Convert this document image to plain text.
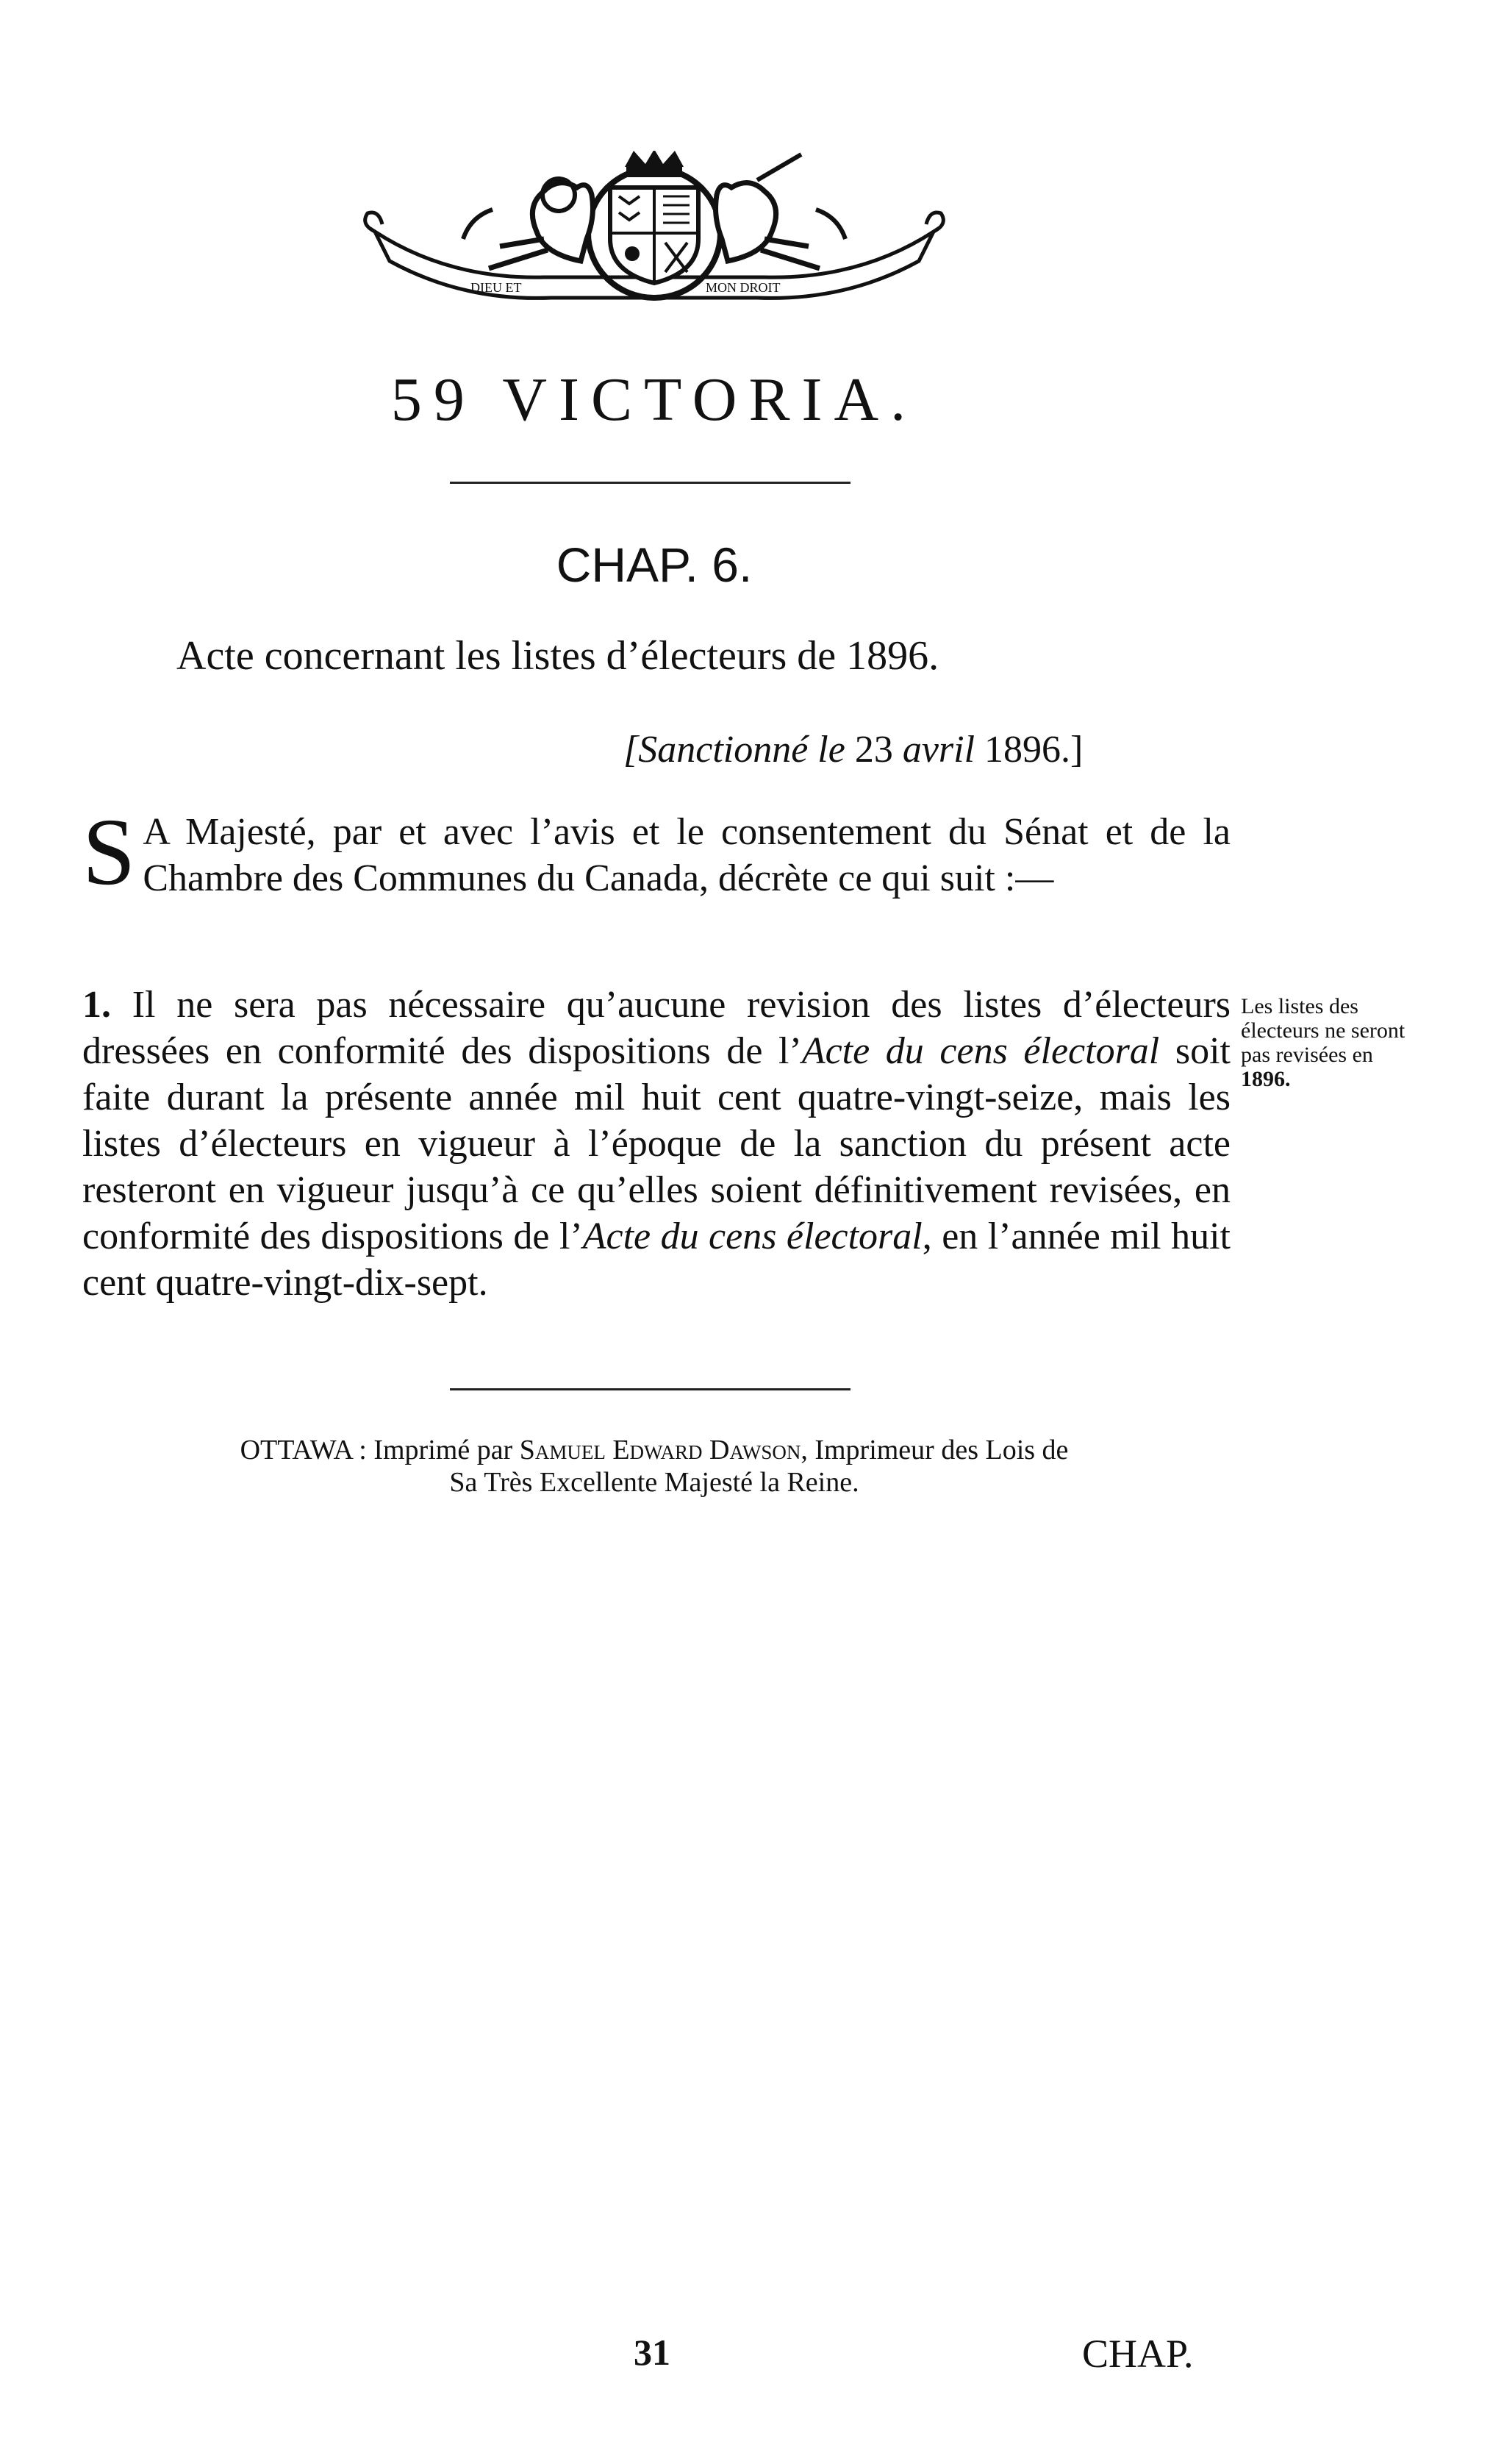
DIEU ET	MON DROIT
59 VICTORIA.
CHAP. 6.
Acte concernant les listes d’électeurs de 1896.
[Sanctionné le 23 avril 1896.]
S A Majesté, par et avec l’avis et le consentement du Sénat et de la Chambre des Communes du Canada, décrète ce qui suit :—
1. Il ne sera pas nécessaire qu’aucune revision des listes d’électeurs dressées en conformité des dispositions de l’Acte du cens électoral soit faite durant la présente année mil huit cent quatre-vingt-seize, mais les listes d’électeurs en vigueur à l’époque de la sanction du présent acte resteront en vigueur jusqu’à ce qu’elles soient définitivement revisées, en conformité des dispositions de l’Acte du cens électoral, en l’année mil huit cent quatre-vingt-dix-sept.
Les listes des électeurs ne seront pas revisées en
1896.
OTTAWA : Imprimé par Samuel Edward Dawson, Imprimeur des Lois de
Sa Très Excellente Majesté la Reine.
31	CHAP.
